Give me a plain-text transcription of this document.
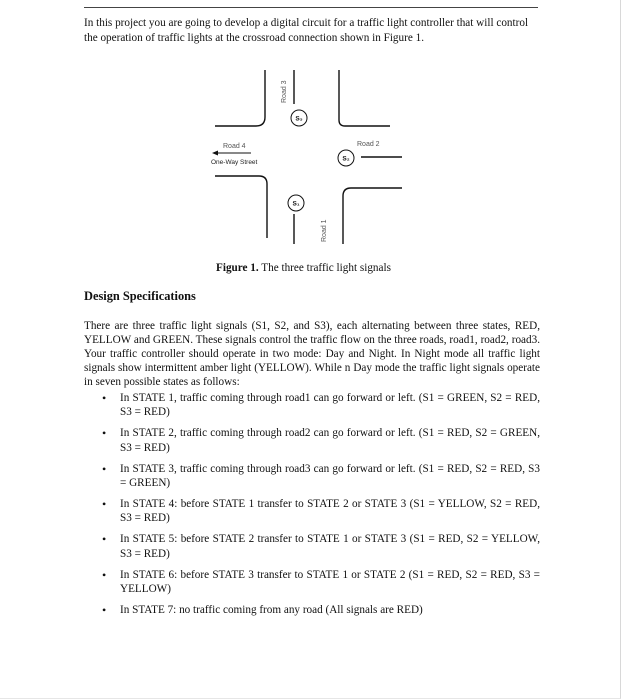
In this project you are going to develop a digital circuit for a traffic light controller that will control the operation of traffic lights at the crossroad connection shown in Figure 1.
S₃
S₂
S₁
Road 4	Road 2
Road 3
Road 1
One-Way Street
Figure 1. The three traffic light signals
Design Specifications
There are three traffic light signals (S1, S2, and S3), each alternating between three states, RED, YELLOW and GREEN. These signals control the traffic flow on the three roads, road1, road2, road3. Your traffic controller should operate in two mode: Day and Night. In Night mode all traffic light signals show intermittent amber light (YELLOW). While n Day mode the traffic light signals operate in seven possible states as follows:
• In STATE 1, traffic coming through road1 can go forward or left. (S1 = GREEN, S2 = RED, S3 = RED)
• In STATE 2, traffic coming through road2 can go forward or left. (S1 = RED, S2 = GREEN, S3 = RED)
• In STATE 3, traffic coming through road3 can go forward or left. (S1 = RED, S2 = RED, S3 = GREEN)
• In STATE 4: before STATE 1 transfer to STATE 2 or STATE 3 (S1 = YELLOW, S2 = RED, S3 = RED)
• In STATE 5: before STATE 2 transfer to STATE 1 or STATE 3 (S1 = RED, S2 = YELLOW, S3 = RED)
• In STATE 6: before STATE 3 transfer to STATE 1 or STATE 2 (S1 = RED, S2 = RED, S3 = YELLOW)
• In STATE 7: no traffic coming from any road (All signals are RED)
